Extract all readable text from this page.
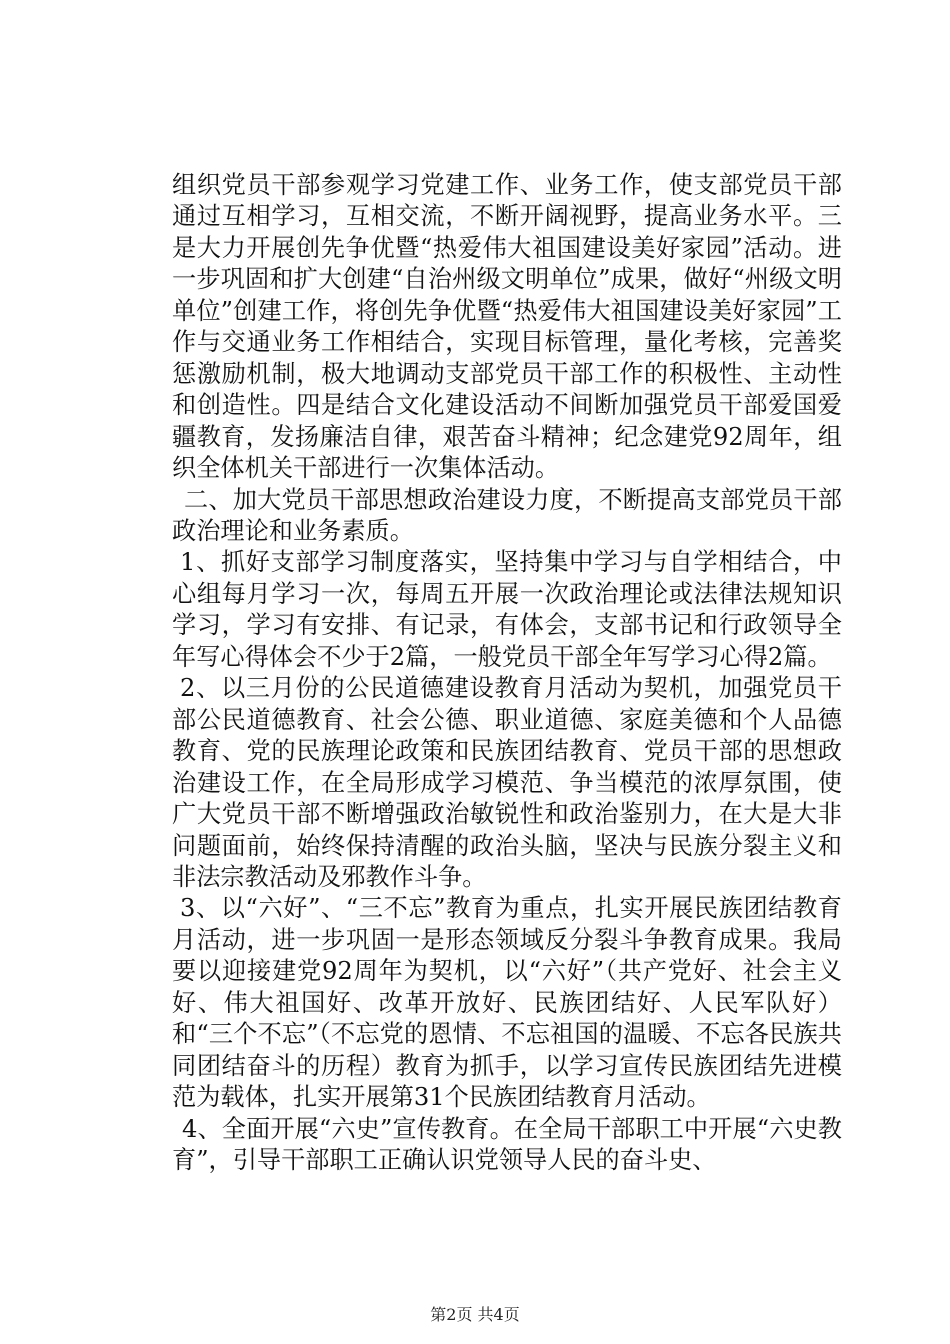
组织党员干部参观学习党建工作、业务工作，使支部党员干部通过互相学习，互相交流，不断开阔视野，提高业务水平。三是大力开展创先争优暨“热爱伟大祖国建设美好家园”活动。进一步巩固和扩大创建“自治州级文明单位”成果，做好“州级文明单位”创建工作，将创先争优暨“热爱伟大祖国建设美好家园”工作与交通业务工作相结合，实现目标管理，量化考核，完善奖惩激励机制，极大地调动支部党员干部工作的积极性、主动性和创造性。四是结合文化建设活动不间断加强党员干部爱国爱疆教育，发扬廉洁自律，艰苦奋斗精神；纪念建党92周年，组织全体机关干部进行一次集体活动。

二、加大党员干部思想政治建设力度，不断提高支部党员干部政治理论和业务素质。

1、抓好支部学习制度落实，坚持集中学习与自学相结合，中心组每月学习一次，每周五开展一次政治理论或法律法规知识学习，学习有安排、有记录，有体会，支部书记和行政领导全年写心得体会不少于2篇，一般党员干部全年写学习心得2篇。

2、以三月份的公民道德建设教育月活动为契机，加强党员干部公民道德教育、社会公德、职业道德、家庭美德和个人品德教育、党的民族理论政策和民族团结教育、党员干部的思想政治建设工作，在全局形成学习模范、争当模范的浓厚氛围，使广大党员干部不断增强政治敏锐性和政治鉴别力，在大是大非问题面前，始终保持清醒的政治头脑，坚决与民族分裂主义和非法宗教活动及邪教作斗争。

3、以“六好”、“三不忘”教育为重点，扎实开展民族团结教育月活动，进一步巩固一是形态领域反分裂斗争教育成果。我局要以迎接建党92周年为契机，以“六好”（共产党好、社会主义好、伟大祖国好、改革开放好、民族团结好、人民军队好）和“三个不忘”（不忘党的恩情、不忘祖国的温暖、不忘各民族共同团结奋斗的历程）教育为抓手，以学习宣传民族团结先进模范为载体，扎实开展第31个民族团结教育月活动。

4、全面开展“六史”宣传教育。在全局干部职工中开展“六史教育”，引导干部职工正确认识党领导人民的奋斗史、

第2页 共4页
